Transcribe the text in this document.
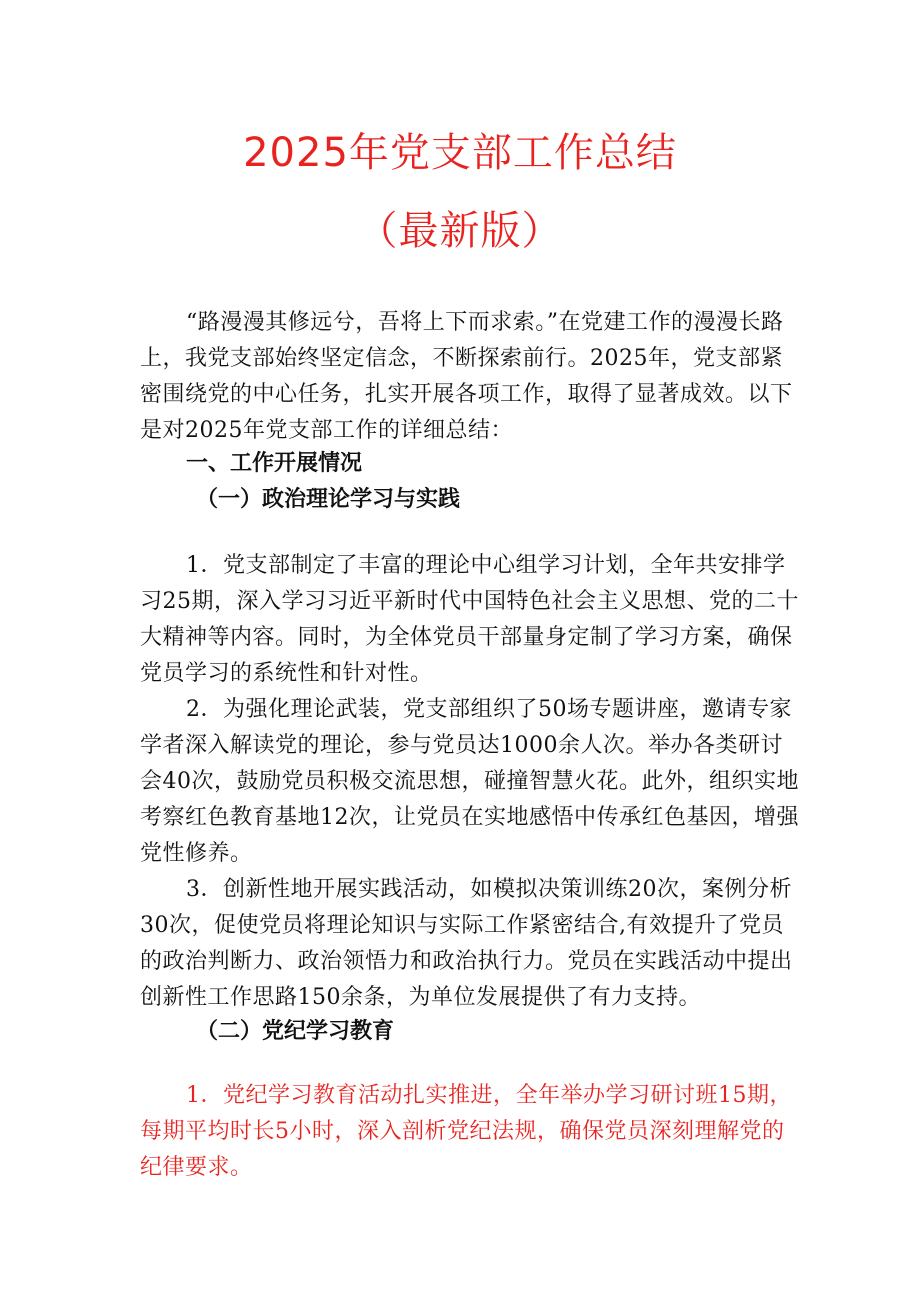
2025年党支部工作总结
（最新版）

“路漫漫其修远兮，吾将上下而求索。”在党建工作的漫漫长路上，我党支部始终坚定信念，不断探索前行。2025年，党支部紧密围绕党的中心任务，扎实开展各项工作，取得了显著成效。以下是对2025年党支部工作的详细总结：

一、工作开展情况

（一）政治理论学习与实践

1．党支部制定了丰富的理论中心组学习计划，全年共安排学习25期，深入学习习近平新时代中国特色社会主义思想、党的二十大精神等内容。同时，为全体党员干部量身定制了学习方案，确保党员学习的系统性和针对性。

2．为强化理论武装，党支部组织了50场专题讲座，邀请专家学者深入解读党的理论，参与党员达1000余人次。举办各类研讨会40次，鼓励党员积极交流思想，碰撞智慧火花。此外，组织实地考察红色教育基地12次，让党员在实地感悟中传承红色基因，增强党性修养。

3．创新性地开展实践活动，如模拟决策训练20次，案例分析30次，促使党员将理论知识与实际工作紧密结合,有效提升了党员的政治判断力、政治领悟力和政治执行力。党员在实践活动中提出创新性工作思路150余条，为单位发展提供了有力支持。

（二）党纪学习教育

1．党纪学习教育活动扎实推进，全年举办学习研讨班15期，每期平均时长5小时，深入剖析党纪法规，确保党员深刻理解党的纪律要求。
